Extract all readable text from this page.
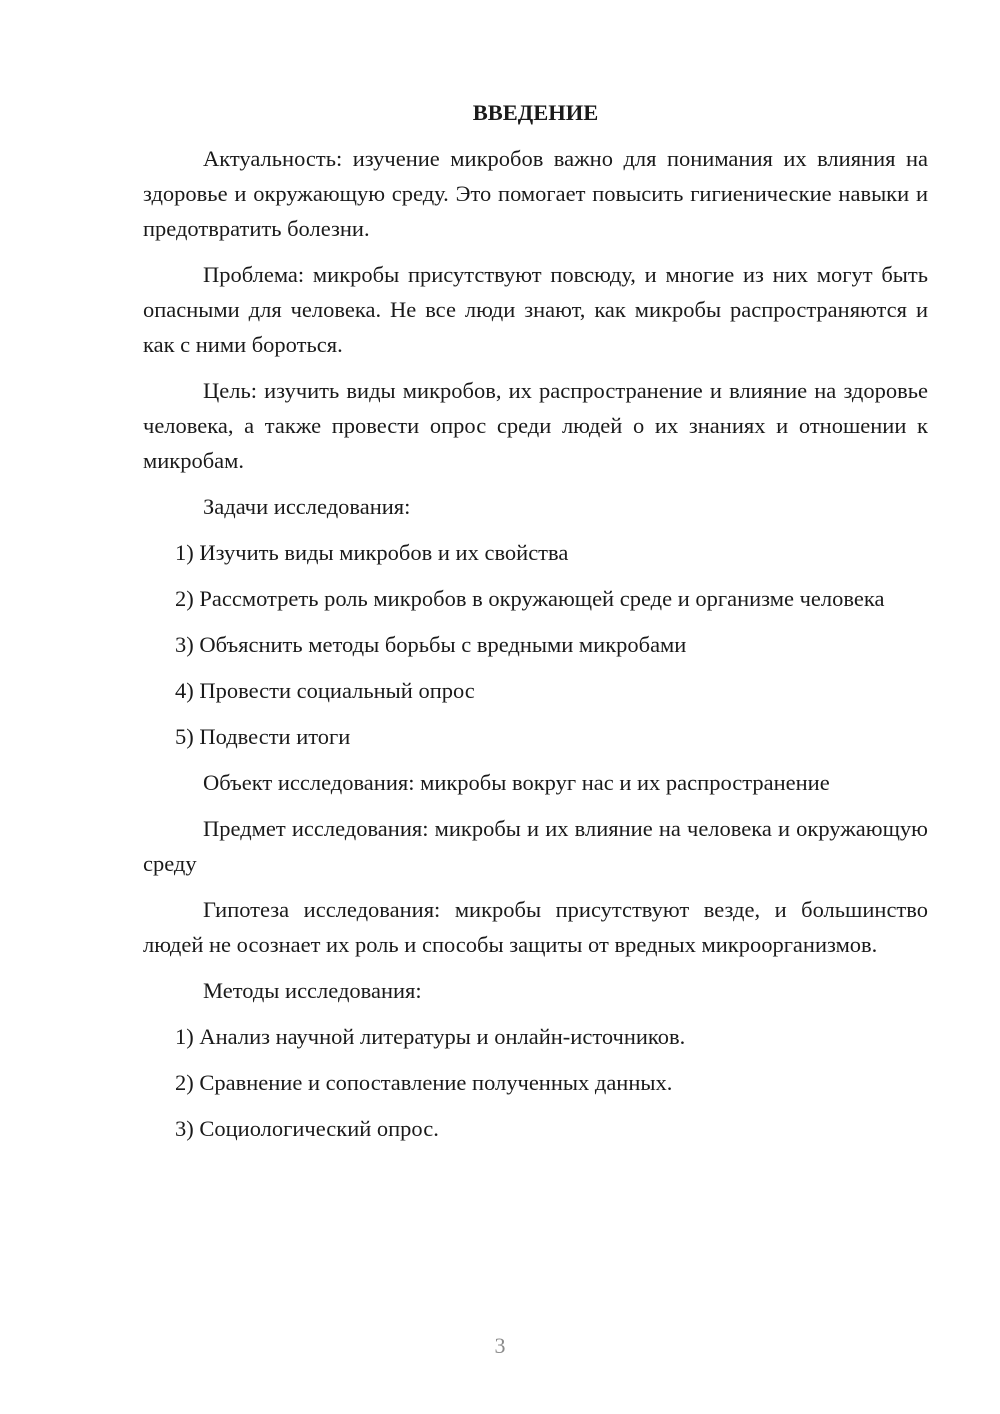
ВВЕДЕНИЕ

Актуальность: изучение микробов важно для понимания их влияния на здоровье и окружающую среду. Это помогает повысить гигиенические навыки и предотвратить болезни.

Проблема: микробы присутствуют повсюду, и многие из них могут быть опасными для человека. Не все люди знают, как микробы распространяются и как с ними бороться.

Цель: изучить виды микробов, их распространение и влияние на здоровье человека, а также провести опрос среди людей о их знаниях и отношении к микробам.

Задачи исследования:

1) Изучить виды микробов и их свойства

2) Рассмотреть роль микробов в окружающей среде и организме человека

3) Объяснить методы борьбы с вредными микробами

4) Провести социальный опрос

5) Подвести итоги

Объект исследования: микробы вокруг нас и их распространение

Предмет исследования: микробы и их влияние на человека и окружающую среду

Гипотеза исследования: микробы присутствуют везде, и большинство людей не осознает их роль и способы защиты от вредных микроорганизмов.

Методы исследования:

1) Анализ научной литературы и онлайн-источников.

2) Сравнение и сопоставление полученных данных.

3) Социологический опрос.

3
